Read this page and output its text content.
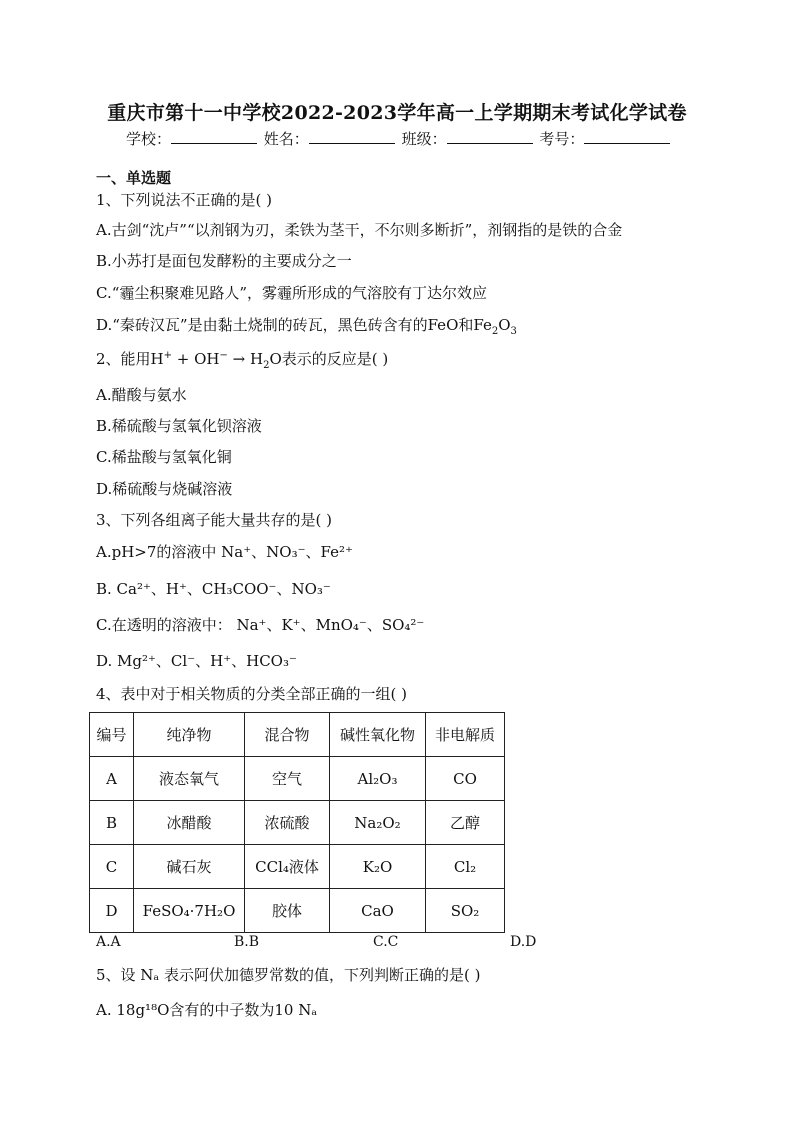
重庆市第十一中学校2022-2023学年高一上学期期末考试化学试卷
学校：	姓名：	班级：	考号：
一、单选题
1、下列说法不正确的是( )
A.古剑“沈卢”“以剂钢为刃，柔铁为茎干，不尔则多断折”，剂钢指的是铁的合金
B.小苏打是面包发酵粉的主要成分之一
C.“霾尘积聚难见路人”，雾霾所形成的气溶胶有丁达尔效应
D.“秦砖汉瓦”是由黏土烧制的砖瓦，黑色砖含有的FeO和$Fe_2O_3$
2、能用$H^+ + OH^- \to H_2O$表示的反应是( )
A.醋酸与氨水
B.稀硫酸与氢氧化钡溶液
C.稀盐酸与氢氧化铜
D.稀硫酸与烧碱溶液
3、下列各组离子能大量共存的是( )
A.pH>7的溶液中 Na⁺、NO₃⁻、Fe²⁺
B. Ca²⁺、H⁺、CH₃COO⁻、NO₃⁻
C.在透明的溶液中： Na⁺、K⁺、MnO₄⁻、SO₄²⁻
D. Mg²⁺、Cl⁻、H⁺、HCO₃⁻
4、表中对于相关物质的分类全部正确的一组( )
编号	纯净物	混合物	碱性氧化物	非电解质
A	液态氧气	空气	Al₂O₃	CO
B	冰醋酸	浓硫酸	Na₂O₂	乙醇
C	碱石灰	CCl₄液体	K₂O	Cl₂
D	FeSO₄·7H₂O	胶体	CaO	SO₂
A.A	B.B	C.C	D.D
5、设 Nₐ 表示阿伏加德罗常数的值，下列判断正确的是( )
A. 18g¹⁸O含有的中子数为10 Nₐ
